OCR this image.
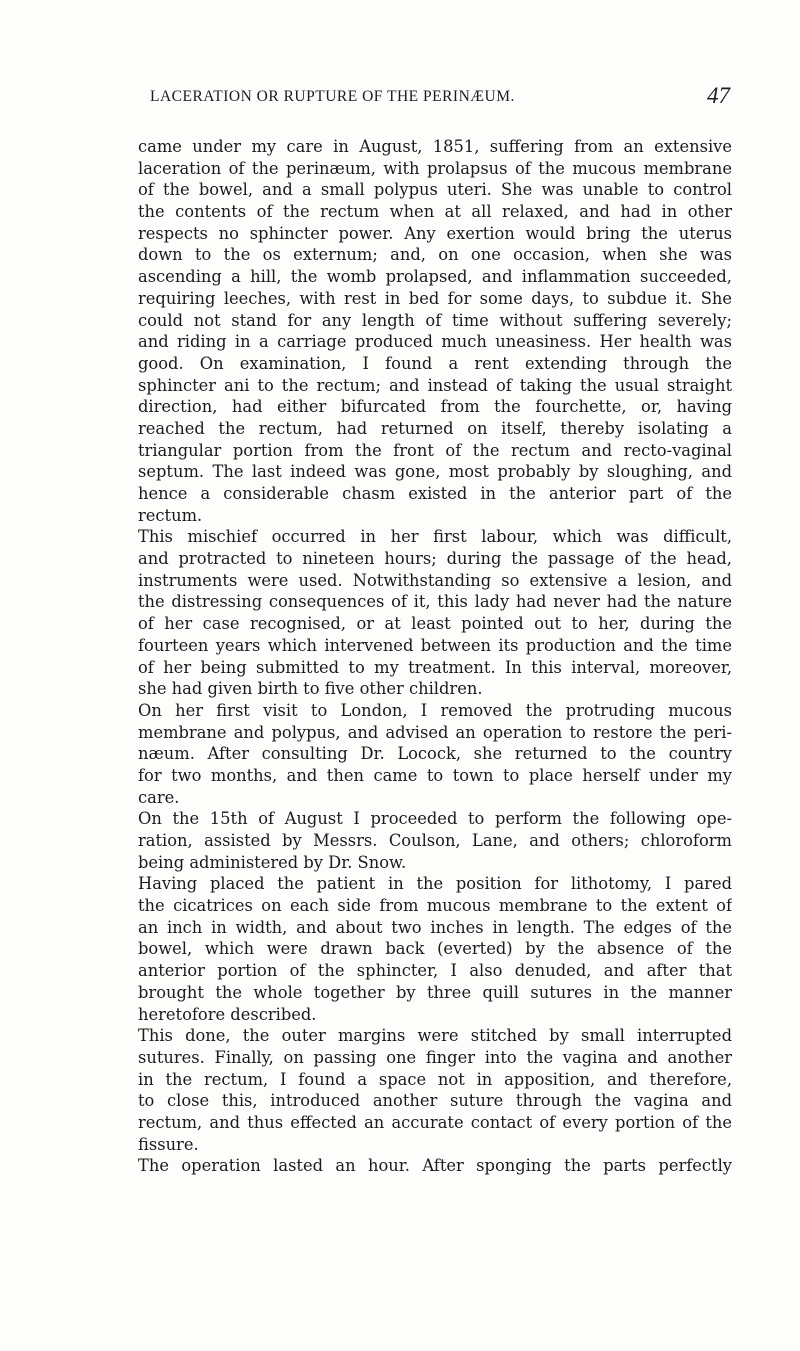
LACERATION OR RUPTURE OF THE PERINÆUM.	47
came under my care in August, 1851, suffering from an extensive
laceration of the perinæum, with prolapsus of the mucous membrane
of the bowel, and a small polypus uteri. She was unable to control
the contents of the rectum when at all relaxed, and had in other
respects no sphincter power. Any exertion would bring the uterus
down to the os externum; and, on one occasion, when she was
ascending a hill, the womb prolapsed, and inflammation succeeded,
requiring leeches, with rest in bed for some days, to subdue it. She
could not stand for any length of time without suffering severely;
and riding in a carriage produced much uneasiness. Her health was
good. On examination, I found a rent extending through the
sphincter ani to the rectum; and instead of taking the usual straight
direction, had either bifurcated from the fourchette, or, having
reached the rectum, had returned on itself, thereby isolating a
triangular portion from the front of the rectum and recto-vaginal
septum. The last indeed was gone, most probably by sloughing, and
hence a considerable chasm existed in the anterior part of the
rectum.
This mischief occurred in her first labour, which was difficult,
and protracted to nineteen hours; during the passage of the head,
instruments were used. Notwithstanding so extensive a lesion, and
the distressing consequences of it, this lady had never had the nature
of her case recognised, or at least pointed out to her, during the
fourteen years which intervened between its production and the time
of her being submitted to my treatment. In this interval, moreover,
she had given birth to five other children.
On her first visit to London, I removed the protruding mucous
membrane and polypus, and advised an operation to restore the peri-
næum. After consulting Dr. Locock, she returned to the country
for two months, and then came to town to place herself under my
care.
On the 15th of August I proceeded to perform the following ope-
ration, assisted by Messrs. Coulson, Lane, and others; chloroform
being administered by Dr. Snow.
Having placed the patient in the position for lithotomy, I pared
the cicatrices on each side from mucous membrane to the extent of
an inch in width, and about two inches in length. The edges of the
bowel, which were drawn back (everted) by the absence of the
anterior portion of the sphincter, I also denuded, and after that
brought the whole together by three quill sutures in the manner
heretofore described.
This done, the outer margins were stitched by small interrupted
sutures. Finally, on passing one finger into the vagina and another
in the rectum, I found a space not in apposition, and therefore,
to close this, introduced another suture through the vagina and
rectum, and thus effected an accurate contact of every portion of the
fissure.
The operation lasted an hour. After sponging the parts perfectly
